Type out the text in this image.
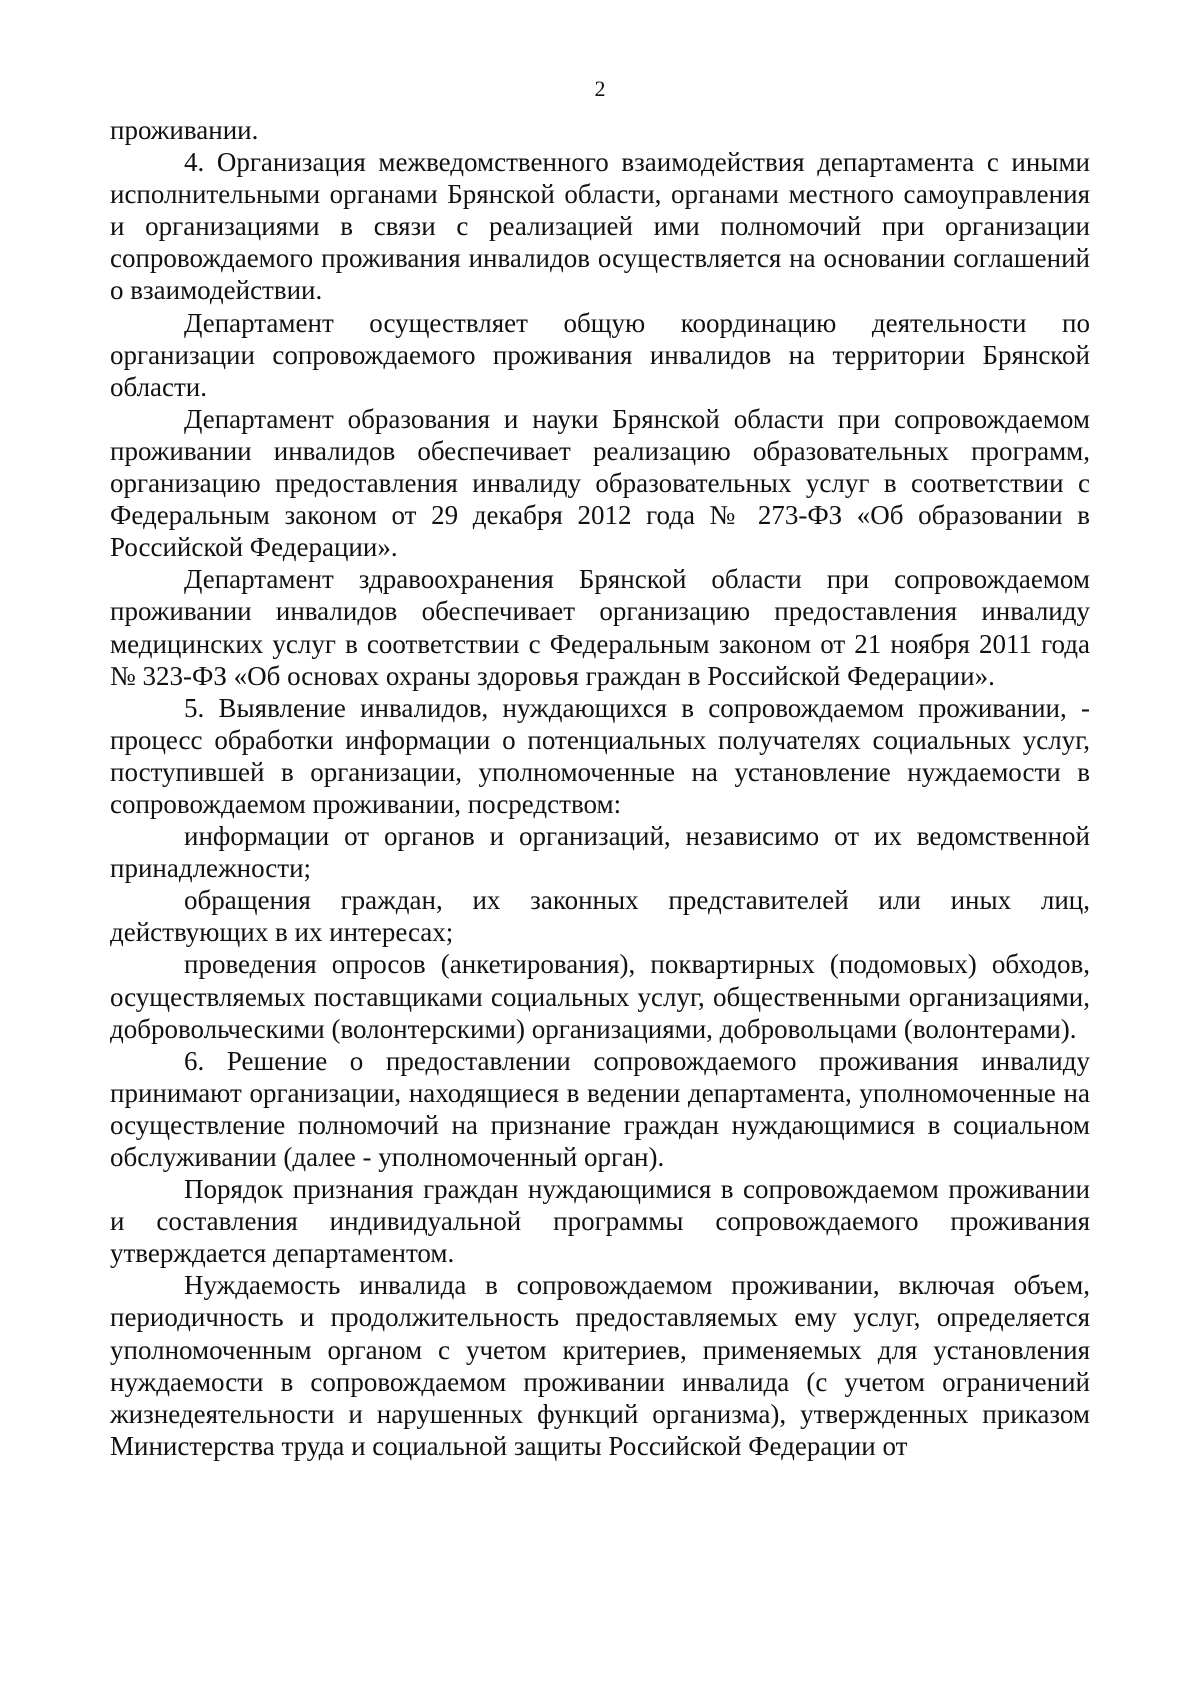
2

проживании.

4. Организация межведомственного взаимодействия департамента с иными исполнительными органами Брянской области, органами местного самоуправления и организациями в связи с реализацией ими полномочий при организации сопровождаемого проживания инвалидов осуществляется на основании соглашений о взаимодействии.

Департамент осуществляет общую координацию деятельности по организации сопровождаемого проживания инвалидов на территории Брянской области.

Департамент образования и науки Брянской области при сопровождаемом проживании инвалидов обеспечивает реализацию образовательных программ, организацию предоставления инвалиду образовательных услуг в соответствии с Федеральным законом от 29 декабря 2012 года № 273-ФЗ «Об образовании в Российской Федерации».

Департамент здравоохранения Брянской области при сопровождаемом проживании инвалидов обеспечивает организацию предоставления инвалиду медицинских услуг в соответствии с Федеральным законом от 21 ноября 2011 года № 323-ФЗ «Об основах охраны здоровья граждан в Российской Федерации».

5. Выявление инвалидов, нуждающихся в сопровождаемом проживании, - процесс обработки информации о потенциальных получателях социальных услуг, поступившей в организации, уполномоченные на установление нуждаемости в сопровождаемом проживании, посредством:

информации от органов и организаций, независимо от их ведомственной принадлежности;

обращения граждан, их законных представителей или иных лиц, действующих в их интересах;

проведения опросов (анкетирования), поквартирных (подомовых) обходов, осуществляемых поставщиками социальных услуг, общественными организациями, добровольческими (волонтерскими) организациями, добровольцами (волонтерами).

6. Решение о предоставлении сопровождаемого проживания инвалиду принимают организации, находящиеся в ведении департамента, уполномоченные на осуществление полномочий на признание граждан нуждающимися в социальном обслуживании (далее - уполномоченный орган).

Порядок признания граждан нуждающимися в сопровождаемом проживании и составления индивидуальной программы сопровождаемого проживания утверждается департаментом.

Нуждаемость инвалида в сопровождаемом проживании, включая объем, периодичность и продолжительность предоставляемых ему услуг, определяется уполномоченным органом с учетом критериев, применяемых для установления нуждаемости в сопровождаемом проживании инвалида (с учетом ограничений жизнедеятельности и нарушенных функций организма), утвержденных приказом Министерства труда и социальной защиты Российской Федерации от
